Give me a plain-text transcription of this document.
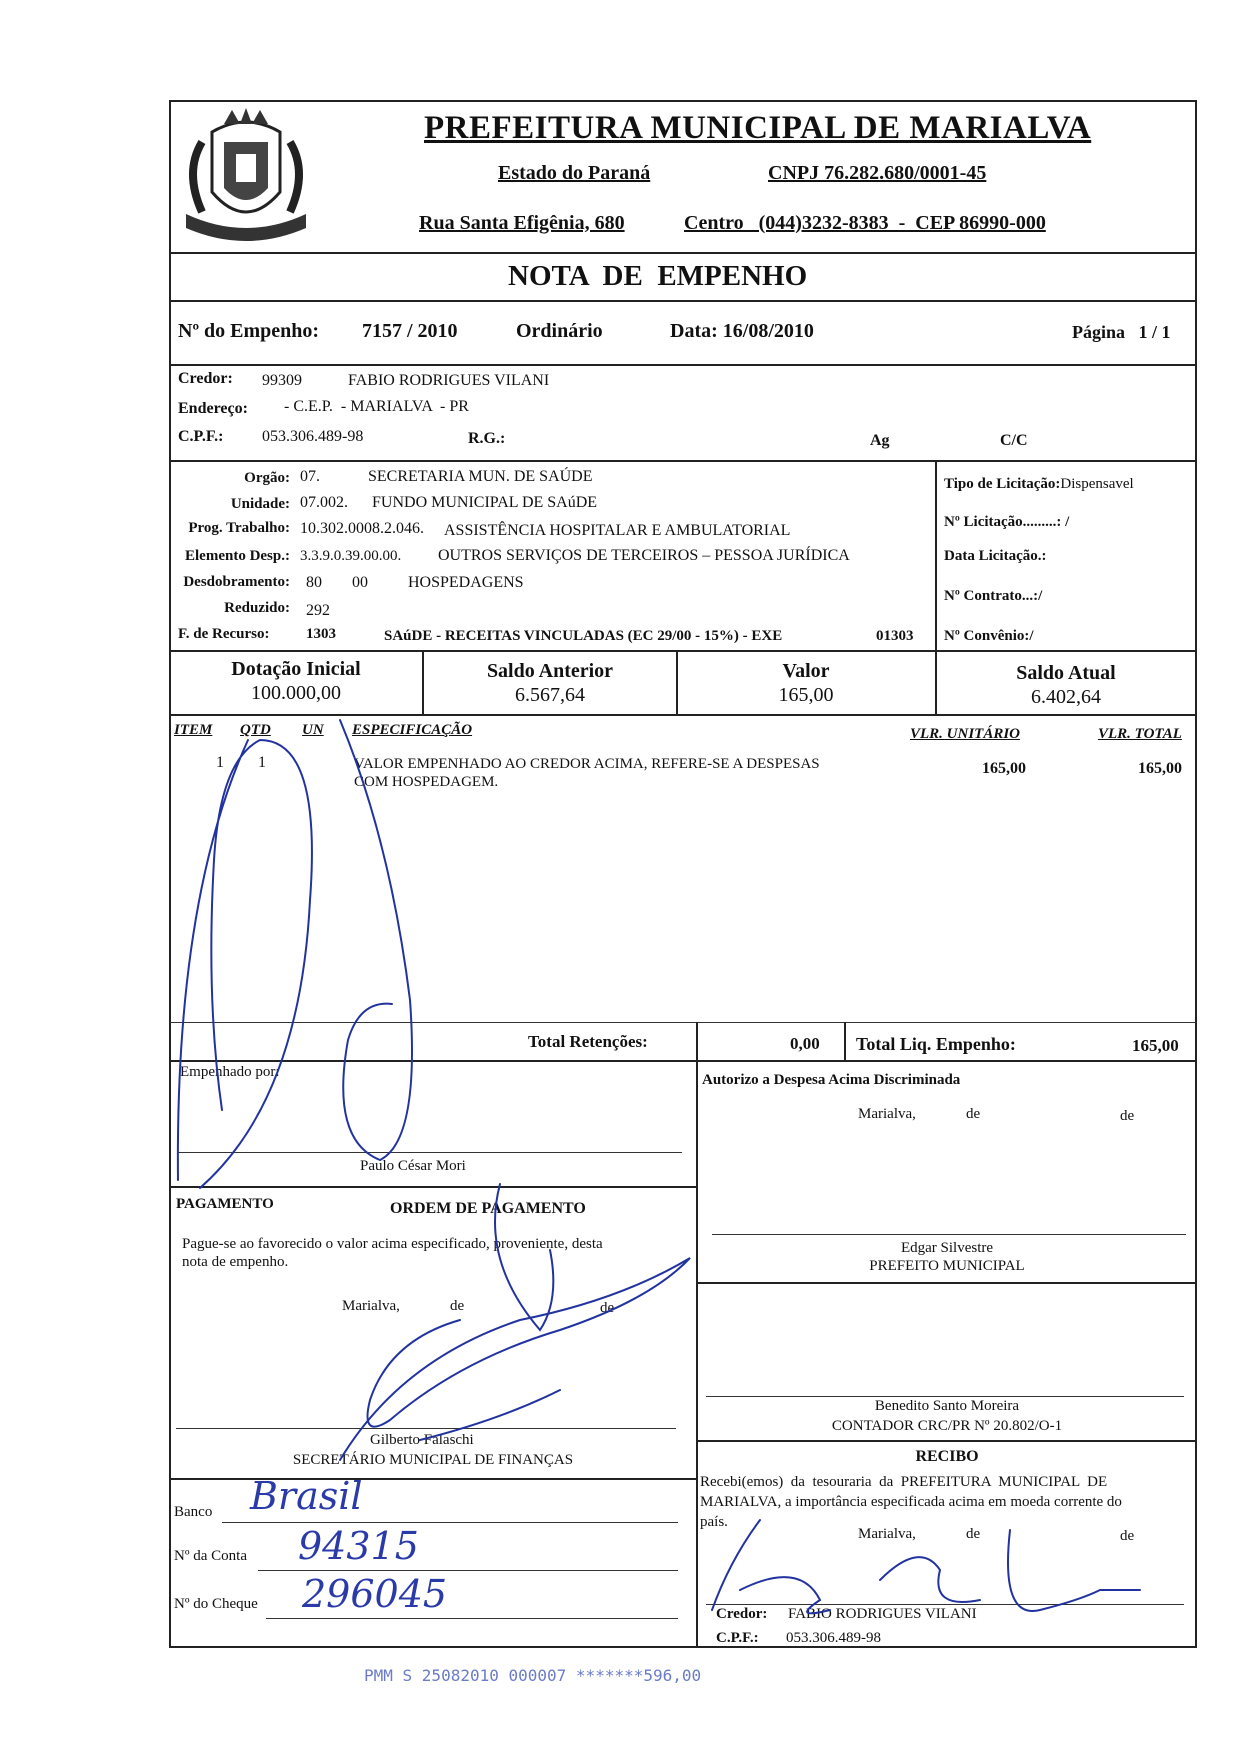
PREFEITURA MUNICIPAL DE MARIALVA
Estado do Paraná	CNPJ 76.282.680/0001-45
Rua Santa Efigênia, 680	Centro   (044)3232-8383  -  CEP 86990-000
NOTA  DE  EMPENHO
Nº do Empenho: 7157 / 2010	Ordinário	Data: 16/08/2010	Página   1 / 1
Credor: 99309	FABIO RODRIGUES VILANI
Endereço: - C.E.P.  - MARIALVA  - PR
C.P.F.: 053.306.489-98	R.G.:	Ag	C/C
Orgão: 07.	SECRETARIA MUN. DE SAÚDE
Unidade: 07.002. FUNDO MUNICIPAL DE SAúDE
Prog. Trabalho: 10.302.0008.2.046. ASSISTÊNCIA HOSPITALAR E AMBULATORIAL
Elemento Desp.: 3.3.9.0.39.00.00. OUTROS SERVIÇOS DE TERCEIROS – PESSOA JURÍDICA
Desdobramento: 80 00	HOSPEDAGENS
Reduzido: 292
F. de Recurso: 1303	SAúDE - RECEITAS VINCULADAS (EC 29/00 - 15%) - EXE	01303
Tipo de Licitação:Dispensavel
Nº Licitação.........: /
Data Licitação.:
Nº Contrato...:/
Nº Convênio:/
Dotação Inicial
100.000,00
Saldo Anterior
6.567,64
Valor
165,00
Saldo Atual
6.402,64
ITEM QTD UN ESPECIFICAÇÃO	VLR. UNITÁRIO	VLR. TOTAL
1 1	VALOR EMPENHADO AO CREDOR ACIMA, REFERE-SE A DESPESAS
COM HOSPEDAGEM.
165,00	165,00
Total Retenções:	0,00 Total Liq. Empenho:	165,00
Empenhado por:
Paulo César Mori
PAGAMENTO	ORDEM DE PAGAMENTO
Pague-se ao favorecido o valor acima especificado, proveniente, desta
nota de empenho.
Marialva,	de	de
Gilberto Falaschi
SECRETÁRIO MUNICIPAL DE FINANÇAS
Banco Brasil
Nº da Conta 94315
Nº do Cheque 296045
Autorizo a Despesa Acima Discriminada
Marialva,	de	de
Edgar Silvestre
PREFEITO MUNICIPAL
Benedito Santo Moreira
CONTADOR CRC/PR Nº 20.802/O-1
RECIBO
Recebi(emos)  da  tesouraria  da  PREFEITURA  MUNICIPAL  DE
MARIALVA, a importância especificada acima em moeda corrente do
país.
Marialva,	de	de
Credor: FABIO RODRIGUES VILANI
C.P.F.: 053.306.489-98
PMM S 25082010 000007 *******596,00
